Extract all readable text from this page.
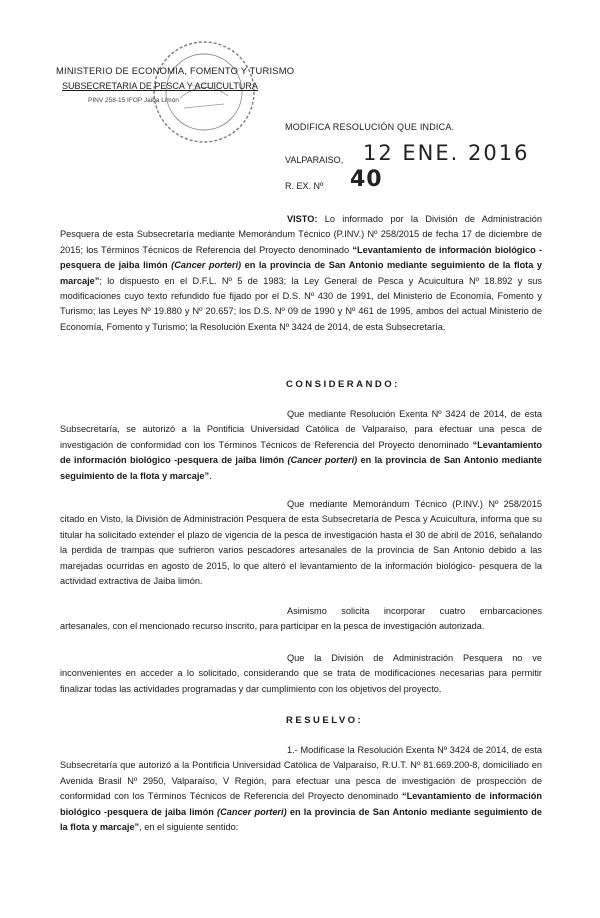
MINISTERIO DE ECONOMIA, FOMENTO Y TURISMO
SUBSECRETARIA DE PESCA Y ACUICULTURA
PINV 258-15 IFOP Jaiba Limón
MODIFICA RESOLUCIÓN QUE INDICA.
VALPARAISO, 12 ENE. 2016
R. EX. Nº 40
VISTO: Lo informado por la División de Administración Pesquera de esta Subsecretaría mediante Memorándum Técnico (P.INV.) Nº 258/2015 de fecha 17 de diciembre de 2015; los Términos Técnicos de Referencia del Proyecto denominado “Levantamiento de información biológico -pesquera de jaiba limón (Cancer porteri) en la provincia de San Antonio mediante seguimiento de la flota y marcaje”; lo dispuesto en el D.F.L. Nº 5 de 1983; la Ley General de Pesca y Acuicultura Nº 18.892 y sus modificaciones cuyo texto refundido fue fijado por el D.S. Nº 430 de 1991, del Ministerio de Economía, Fomento y Turismo; las Leyes Nº 19.880 y Nº 20.657; los D.S. Nº 09 de 1990 y Nº 461 de 1995, ambos del actual Ministerio de Economía, Fomento y Turismo; la Resolución Exenta Nº 3424 de 2014, de esta Subsecretaría.
CONSIDERANDO:
Que mediante Resolución Exenta Nº 3424 de 2014, de esta Subsecretaría, se autorizó a la Pontificia Universidad Católica de Valparaíso, para efectuar una pesca de investigación de conformidad con los Términos Técnicos de Referencia del Proyecto denominado “Levantamiento de información biológico -pesquera de jaiba limón (Cancer porteri) en la provincia de San Antonio mediante seguimiento de la flota y marcaje”.
Que mediante Memorándum Técnico (P.INV.) Nº 258/2015 citado en Visto, la División de Administración Pesquera de esta Subsecretaría de Pesca y Acuicultura, informa que su titular ha solicitado extender el plazo de vigencia de la pesca de investigación hasta el 30 de abril de 2016, señalando la perdida de trampas que sufrieron varios pescadores artesanales de la provincia de San Antonio debido a las marejadas ocurridas en agosto de 2015, lo que alteró el levantamiento de la información biológico- pesquera de la actividad extractiva de Jaiba limón.
Asimismo solicita incorporar cuatro embarcaciones artesanales, con el mencionado recurso inscrito, para participar en la pesca de investigación autorizada.
Que la División de Administración Pesquera no ve inconvenientes en acceder a lo solicitado, considerando que se trata de modificaciones necesarias para permitir finalizar todas las actividades programadas y dar cumplimiento con los objetivos del proyecto.
RESUELVO:
1.- Modifícase la Resolución Exenta Nº 3424 de 2014, de esta Subsecretaría que autorizó a la Pontificia Universidad Católica de Valparaíso, R.U.T. Nº 81.669.200-8, domiciliado en Avenida Brasil Nº 2950, Valparaíso, V Región, para efectuar una pesca de investigación de prospección de conformidad con los Términos Técnicos de Referencia del Proyecto denominado “Levantamiento de información biológico -pesquera de jaiba limón (Cancer porteri) en la provincia de San Antonio mediante seguimiento de la flota y marcaje”, en el siguiente sentido:
